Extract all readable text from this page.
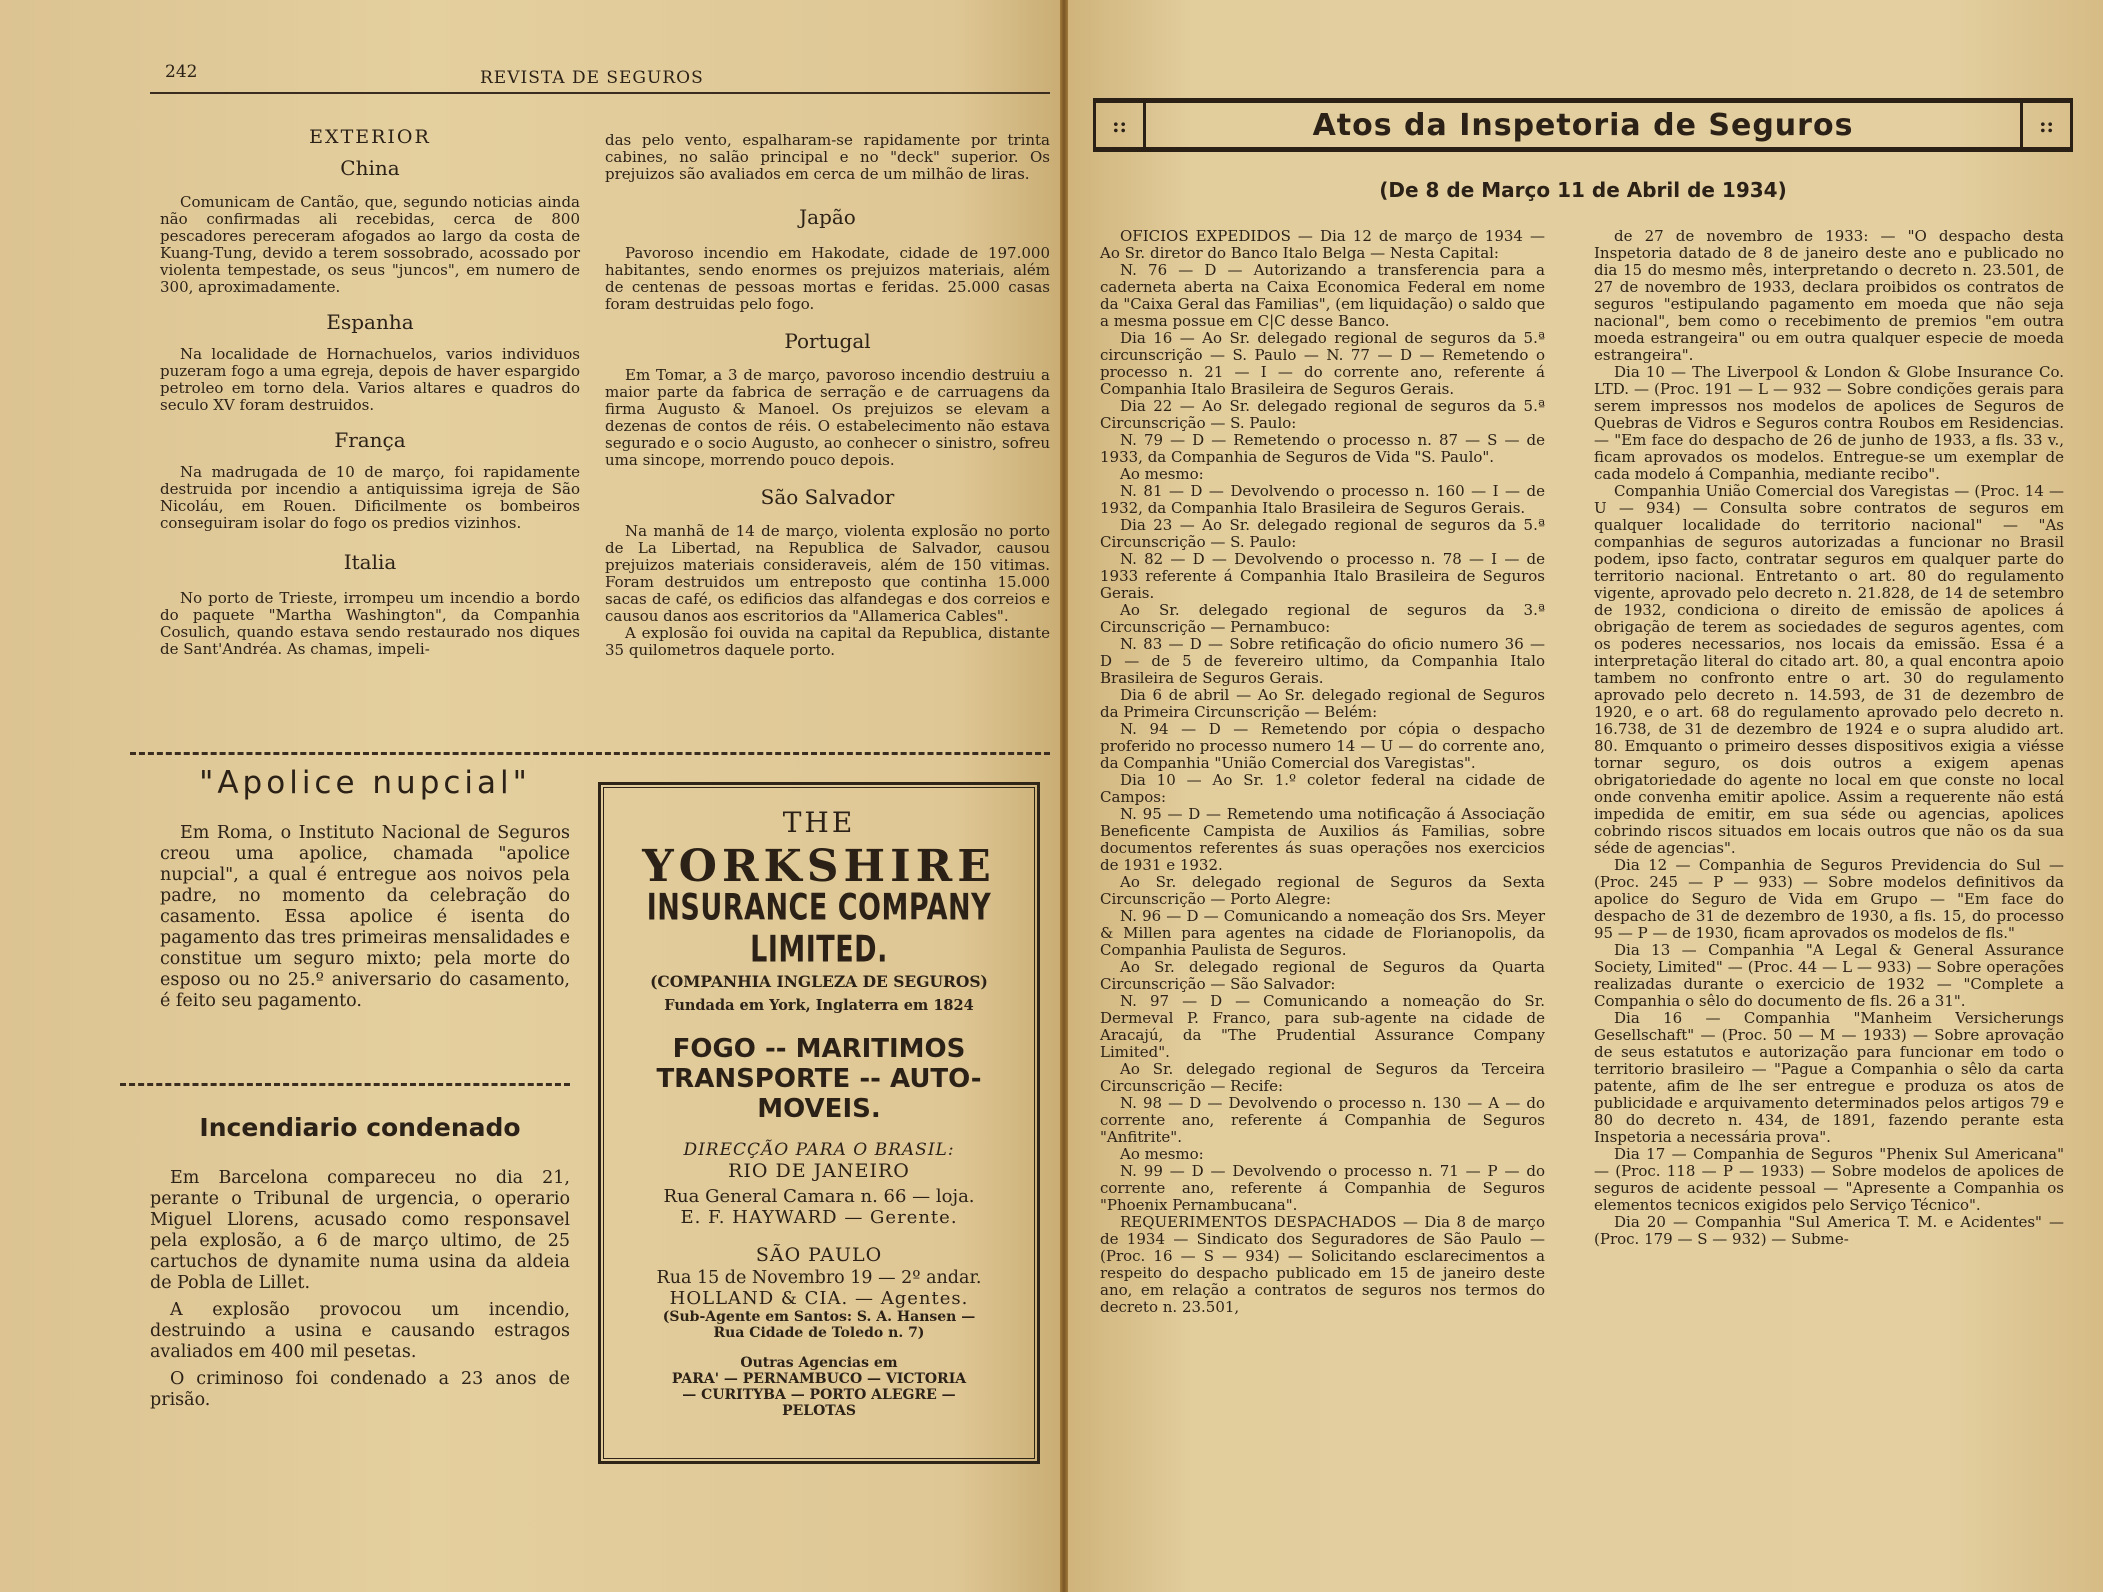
242	REVISTA DE SEGUROS
EXTERIOR
China
Comunicam de Cantão, que, segundo noticias ainda não confirmadas ali recebidas, cerca de 800 pescadores pereceram afogados ao largo da costa de Kuang-Tung, devido a terem sossobrado, acossado por violenta tempestade, os seus "juncos", em numero de 300, aproximadamente.
Espanha
Na localidade de Hornachuelos, varios individuos puzeram fogo a uma egreja, depois de haver espargido petroleo em torno dela. Varios altares e quadros do seculo XV foram destruidos.
França
Na madrugada de 10 de março, foi rapidamente destruida por incendio a antiquissima igreja de São Nicoláu, em Rouen. Dificilmente os bombeiros conseguiram isolar do fogo os predios vizinhos.
Italia
No porto de Trieste, irrompeu um incendio a bordo do paquete "Martha Washington", da Companhia Cosulich, quando estava sendo restaurado nos diques de Sant'Andréa. As chamas, impeli-
das pelo vento, espalharam-se rapidamente por trinta cabines, no salão principal e no "deck" superior. Os prejuizos são avaliados em cerca de um milhão de liras.
Japão
Pavoroso incendio em Hakodate, cidade de 197.000 habitantes, sendo enormes os prejuizos materiais, além de centenas de pessoas mortas e feridas. 25.000 casas foram destruidas pelo fogo.
Portugal
Em Tomar, a 3 de março, pavoroso incendio destruiu a maior parte da fabrica de serração e de carruagens da firma Augusto & Manoel. Os prejuizos se elevam a dezenas de contos de réis. O estabelecimento não estava segurado e o socio Augusto, ao conhecer o sinistro, sofreu uma sincope, morrendo pouco depois.
São Salvador
Na manhã de 14 de março, violenta explosão no porto de La Libertad, na Republica de Salvador, causou prejuizos materiais consideraveis, além de 150 vitimas. Foram destruidos um entreposto que continha 15.000 sacas de café, os edificios das alfandegas e dos correios e causou danos aos escritorios da "Allamerica Cables".
A explosão foi ouvida na capital da Republica, distante 35 quilometros daquele porto.
"Apolice nupcial"
Em Roma, o Instituto Nacional de Seguros creou uma apolice, chamada "apolice nupcial", a qual é entregue aos noivos pela padre, no momento da celebração do casamento. Essa apolice é isenta do pagamento das tres primeiras mensalidades e constitue um seguro mixto; pela morte do esposo ou no 25.º aniversario do casamento, é feito seu pagamento.
Incendiario condenado
Em Barcelona compareceu no dia 21, perante o Tribunal de urgencia, o operario Miguel Llorens, acusado como responsavel pela explosão, a 6 de março ultimo, de 25 cartuchos de dynamite numa usina da aldeia de Pobla de Lillet.
A explosão provocou um incendio, destruindo a usina e causando estragos avaliados em 400 mil pesetas.
O criminoso foi condenado a 23 anos de prisão.
THE
YORKSHIRE
INSURANCE COMPANY LIMITED.
(COMPANHIA INGLEZA DE SEGUROS)
Fundada em York, Inglaterra em 1824
FOGO -- MARITIMOS
TRANSPORTE -- AUTO-
MOVEIS.
DIRECÇÃO PARA O BRASIL:
RIO DE JANEIRO
Rua General Camara n. 66 — loja.
E. F. HAYWARD — Gerente.
SÃO PAULO
Rua 15 de Novembro 19 — 2º andar.
HOLLAND & CIA. — Agentes.
(Sub-Agente em Santos: S. A. Hansen —
Rua Cidade de Toledo n. 7)
Outras Agencias em
PARA' — PERNAMBUCO — VICTORIA
— CURITYBA — PORTO ALEGRE —
PELOTAS
::	Atos da Inspetoria de Seguros	::
(De 8 de Março 11 de Abril de 1934)
OFICIOS EXPEDIDOS — Dia 12 de março de 1934 — Ao Sr. diretor do Banco Italo Belga — Nesta Capital:
N. 76 — D — Autorizando a transferencia para a caderneta aberta na Caixa Economica Federal em nome da "Caixa Geral das Familias", (em liquidação) o saldo que a mesma possue em C|C desse Banco.
Dia 16 — Ao Sr. delegado regional de seguros da 5.ª circunscrição — S. Paulo — N. 77 — D — Remetendo o processo n. 21 — I — do corrente ano, referente á Companhia Italo Brasileira de Seguros Gerais.
Dia 22 — Ao Sr. delegado regional de seguros da 5.ª Circunscrição — S. Paulo:
N. 79 — D — Remetendo o processo n. 87 — S — de 1933, da Companhia de Seguros de Vida "S. Paulo".
Ao mesmo:
N. 81 — D — Devolvendo o processo n. 160 — I — de 1932, da Companhia Italo Brasileira de Seguros Gerais.
Dia 23 — Ao Sr. delegado regional de seguros da 5.ª Circunscrição — S. Paulo:
N. 82 — D — Devolvendo o processo n. 78 — I — de 1933 referente á Companhia Italo Brasileira de Seguros Gerais.
Ao Sr. delegado regional de seguros da 3.ª Circunscrição — Pernambuco:
N. 83 — D — Sobre retificação do oficio numero 36 — D — de 5 de fevereiro ultimo, da Companhia Italo Brasileira de Seguros Gerais.
Dia 6 de abril — Ao Sr. delegado regional de Seguros da Primeira Circunscrição — Belém:
N. 94 — D — Remetendo por cópia o despacho proferido no processo numero 14 — U — do corrente ano, da Companhia "União Comercial dos Varegistas".
Dia 10 — Ao Sr. 1.º coletor federal na cidade de Campos:
N. 95 — D — Remetendo uma notificação á Associação Beneficente Campista de Auxilios ás Familias, sobre documentos referentes ás suas operações nos exercicios de 1931 e 1932.
Ao Sr. delegado regional de Seguros da Sexta Circunscrição — Porto Alegre:
N. 96 — D — Comunicando a nomeação dos Srs. Meyer & Millen para agentes na cidade de Florianopolis, da Companhia Paulista de Seguros.
Ao Sr. delegado regional de Seguros da Quarta Circunscrição — São Salvador:
N. 97 — D — Comunicando a nomeação do Sr. Dermeval P. Franco, para sub-agente na cidade de Aracajú, da "The Prudential Assurance Company Limited".
Ao Sr. delegado regional de Seguros da Terceira Circunscrição — Recife:
N. 98 — D — Devolvendo o processo n. 130 — A — do corrente ano, referente á Companhia de Seguros "Anfitrite".
Ao mesmo:
N. 99 — D — Devolvendo o processo n. 71 — P — do corrente ano, referente á Companhia de Seguros "Phoenix Pernambucana".
REQUERIMENTOS DESPACHADOS — Dia 8 de março de 1934 — Sindicato dos Seguradores de São Paulo — (Proc. 16 — S — 934) — Solicitando esclarecimentos a respeito do despacho publicado em 15 de janeiro deste ano, em relação a contratos de seguros nos termos do decreto n. 23.501,
de 27 de novembro de 1933: — "O despacho desta Inspetoria datado de 8 de janeiro deste ano e publicado no dia 15 do mesmo mês, interpretando o decreto n. 23.501, de 27 de novembro de 1933, declara proibidos os contratos de seguros "estipulando pagamento em moeda que não seja nacional", bem como o recebimento de premios "em outra moeda estrangeira" ou em outra qualquer especie de moeda estrangeira".
Dia 10 — The Liverpool & London & Globe Insurance Co. LTD. — (Proc. 191 — L — 932 — Sobre condições gerais para serem impressos nos modelos de apolices de Seguros de Quebras de Vidros e Seguros contra Roubos em Residencias. — "Em face do despacho de 26 de junho de 1933, a fls. 33 v., ficam aprovados os modelos. Entregue-se um exemplar de cada modelo á Companhia, mediante recibo".
Companhia União Comercial dos Varegistas — (Proc. 14 — U — 934) — Consulta sobre contratos de seguros em qualquer localidade do territorio nacional" — "As companhias de seguros autorizadas a funcionar no Brasil podem, ipso facto, contratar seguros em qualquer parte do territorio nacional. Entretanto o art. 80 do regulamento vigente, aprovado pelo decreto n. 21.828, de 14 de setembro de 1932, condiciona o direito de emissão de apolices á obrigação de terem as sociedades de seguros agentes, com os poderes necessarios, nos locais da emissão. Essa é a interpretação literal do citado art. 80, a qual encontra apoio tambem no confronto entre o art. 30 do regulamento aprovado pelo decreto n. 14.593, de 31 de dezembro de 1920, e o art. 68 do regulamento aprovado pelo decreto n. 16.738, de 31 de dezembro de 1924 e o supra aludido art. 80. Emquanto o primeiro desses dispositivos exigia a viésse tornar seguro, os dois outros a exigem apenas obrigatoriedade do agente no local em que conste no local onde convenha emitir apolice. Assim a requerente não está impedida de emitir, em sua séde ou agencias, apolices cobrindo riscos situados em locais outros que não os da sua séde de agencias".
Dia 12 — Companhia de Seguros Previdencia do Sul — (Proc. 245 — P — 933) — Sobre modelos definitivos da apolice do Seguro de Vida em Grupo — "Em face do despacho de 31 de dezembro de 1930, a fls. 15, do processo 95 — P — de 1930, ficam aprovados os modelos de fls."
Dia 13 — Companhia "A Legal & General Assurance Society, Limited" — (Proc. 44 — L — 933) — Sobre operações realizadas durante o exercicio de 1932 — "Complete a Companhia o sêlo do documento de fls. 26 a 31".
Dia 16 — Companhia "Manheim Versicherungs Gesellschaft" — (Proc. 50 — M — 1933) — Sobre aprovação de seus estatutos e autorização para funcionar em todo o territorio brasileiro — "Pague a Companhia o sêlo da carta patente, afim de lhe ser entregue e produza os atos de publicidade e arquivamento determinados pelos artigos 79 e 80 do decreto n. 434, de 1891, fazendo perante esta Inspetoria a necessária prova".
Dia 17 — Companhia de Seguros "Phenix Sul Americana" — (Proc. 118 — P — 1933) — Sobre modelos de apolices de seguros de acidente pessoal — "Apresente a Companhia os elementos tecnicos exigidos pelo Serviço Técnico".
Dia 20 — Companhia "Sul America T. M. e Acidentes" — (Proc. 179 — S — 932) — Subme-
